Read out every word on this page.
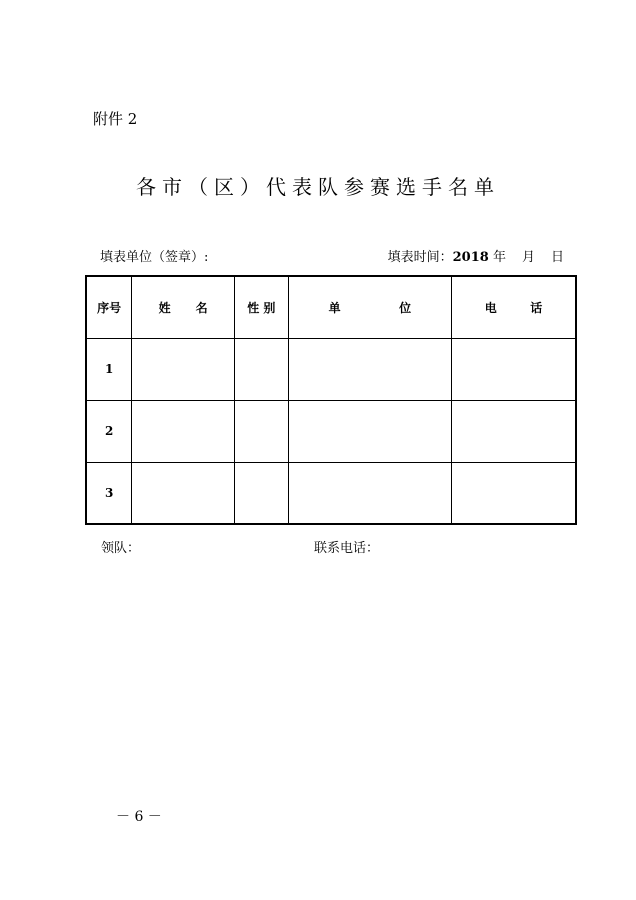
附件 2
各市（区）代表队参赛选手名单
填表单位（签章）:	填表时间：2018 年 月 日
序号	姓      名	性 别	单              位	电        话
1				
2				
3				
领队：	联系电话：
－ 6 －
